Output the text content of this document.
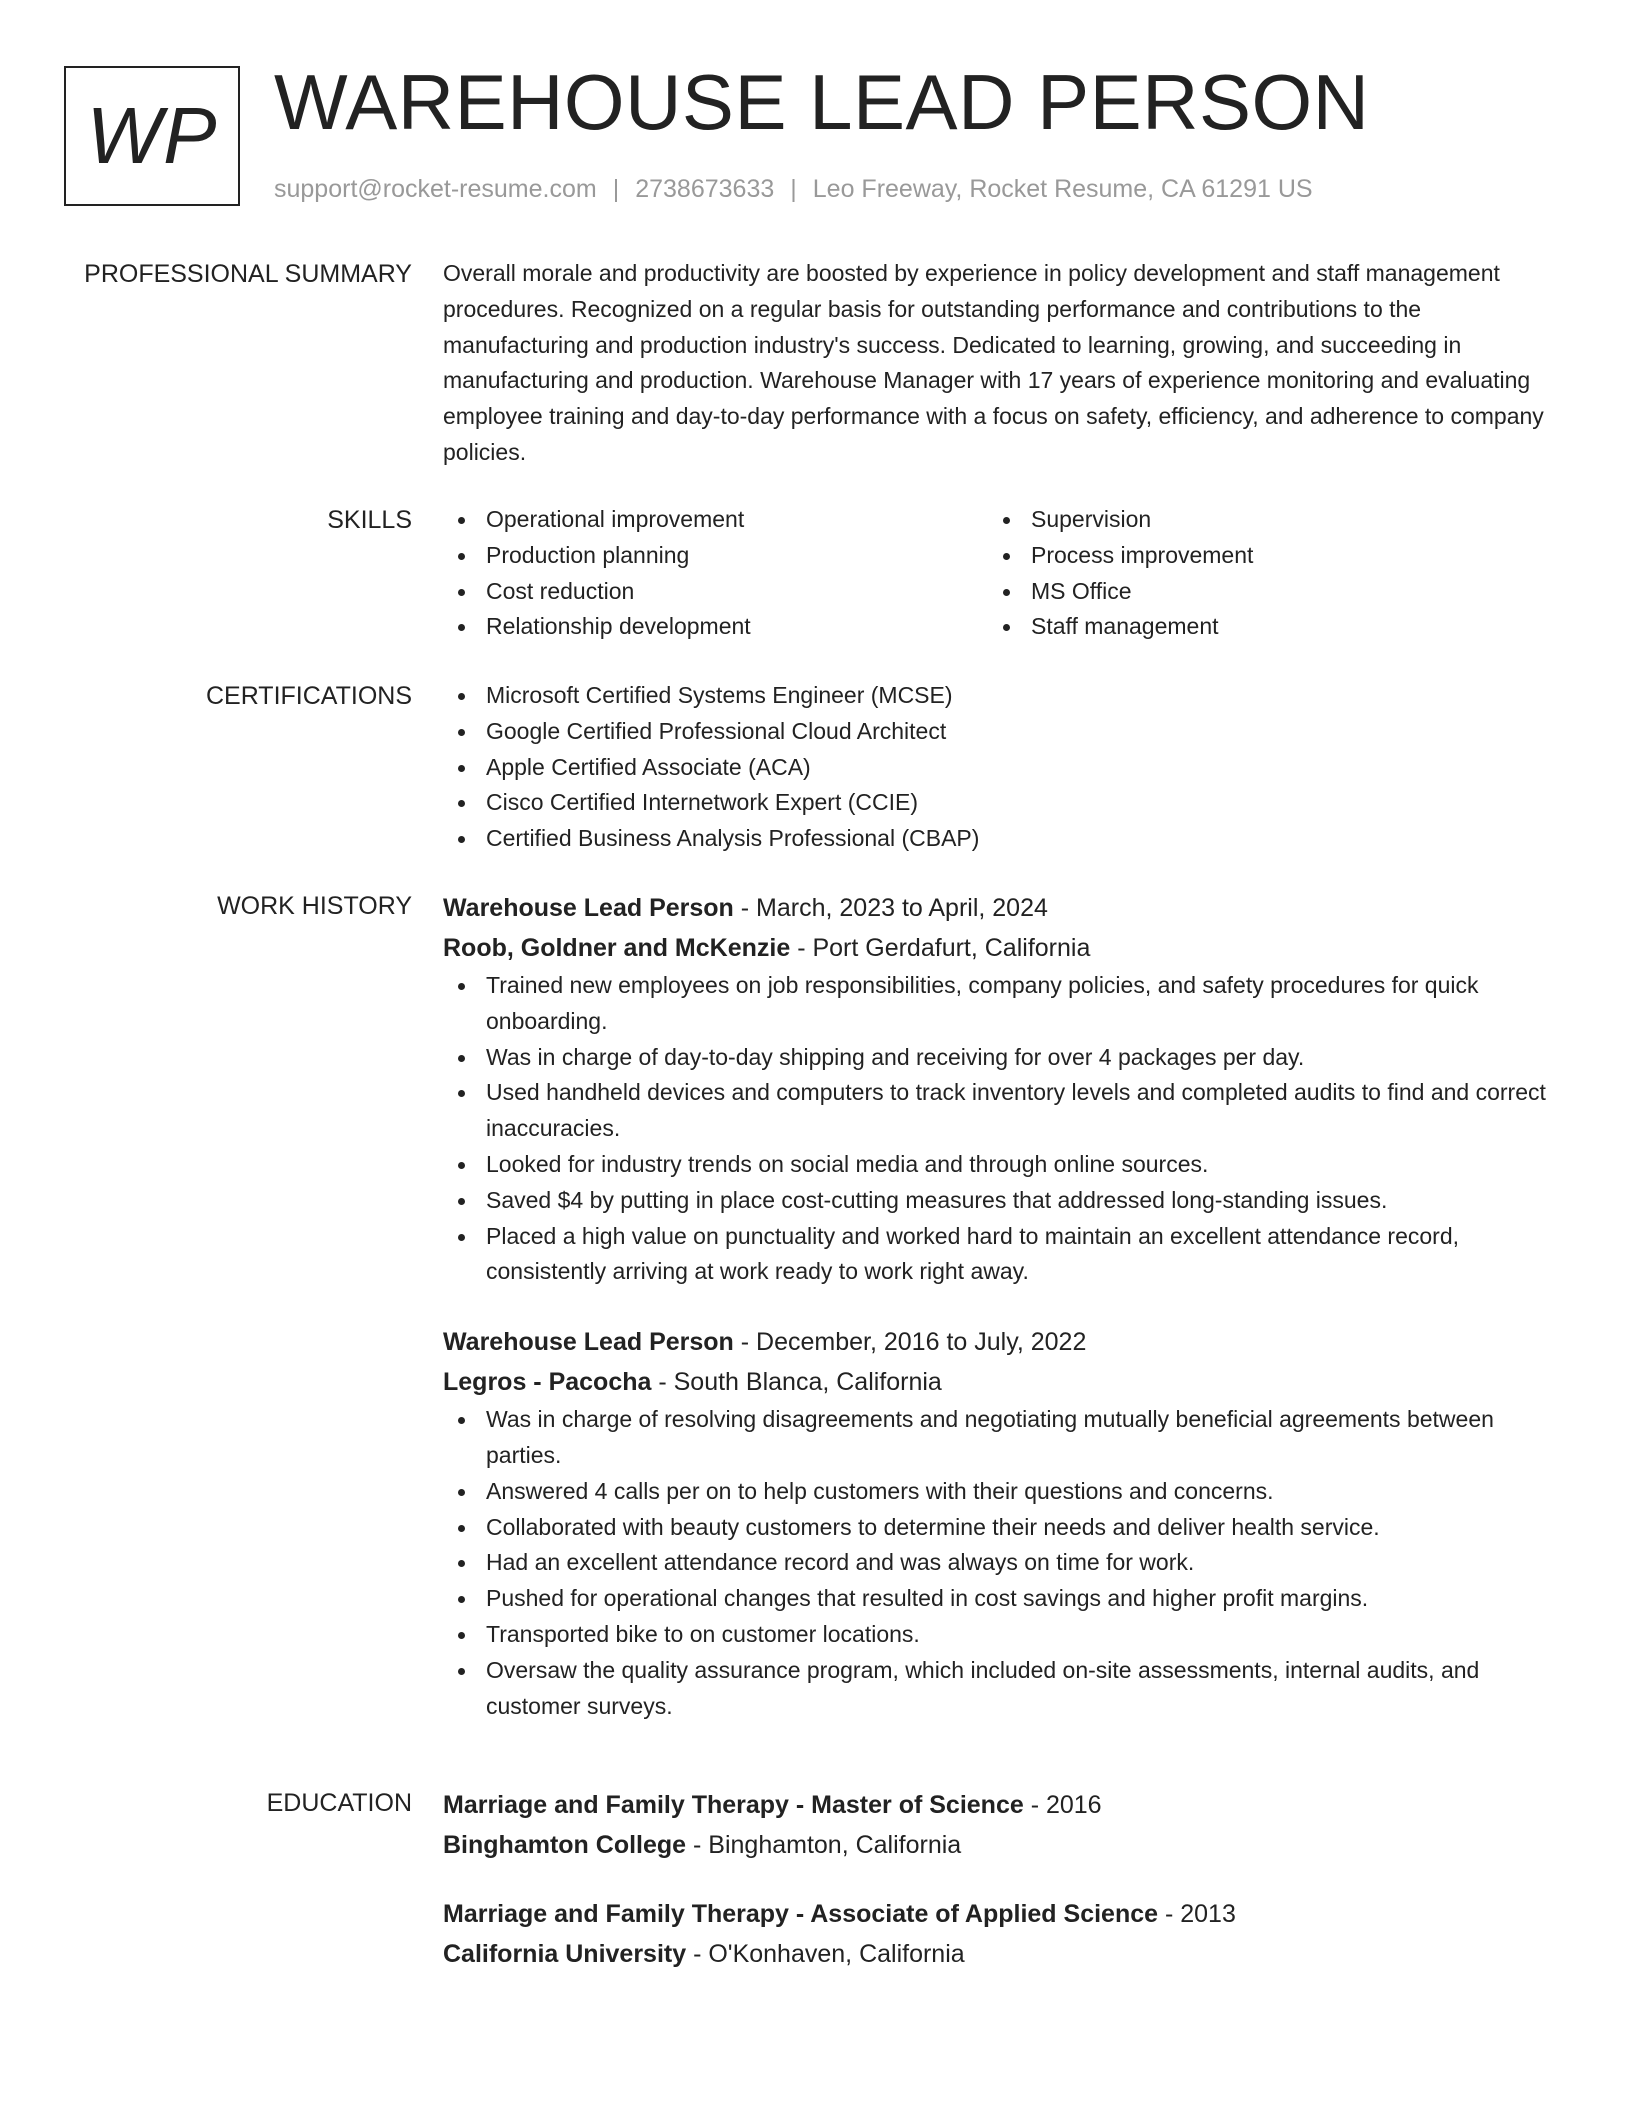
WP WAREHOUSE LEAD PERSON
support@rocket-resume.com | 2738673633 | Leo Freeway, Rocket Resume, CA 61291 US
PROFESSIONAL SUMMARY Overall morale and productivity are boosted by experience in policy development and staff management procedures. Recognized on a regular basis for outstanding performance and contributions to the manufacturing and production industry's success. Dedicated to learning, growing, and succeeding in manufacturing and production. Warehouse Manager with 17 years of experience monitoring and evaluating employee training and day-to-day performance with a focus on safety, efficiency, and adherence to company policies.

SKILLS	Operational improvement
Production planning
Cost reduction
Relationship development
Supervision
Process improvement
MS Office
Staff management
CERTIFICATIONS	Microsoft Certified Systems Engineer (MCSE)
Google Certified Professional Cloud Architect
Apple Certified Associate (ACA)
Cisco Certified Internetwork Expert (CCIE)
Certified Business Analysis Professional (CBAP)
WORK HISTORY Warehouse Lead Person - March, 2023 to April, 2024
Roob, Goldner and McKenzie - Port Gerdafurt, California
Trained new employees on job responsibilities, company policies, and safety procedures for quick onboarding.
Was in charge of day-to-day shipping and receiving for over 4 packages per day.
Used handheld devices and computers to track inventory levels and completed audits to find and correct inaccuracies.
Looked for industry trends on social media and through online sources.
Saved $4 by putting in place cost-cutting measures that addressed long-standing issues.
Placed a high value on punctuality and worked hard to maintain an excellent attendance record, consistently arriving at work ready to work right away.
Warehouse Lead Person - December, 2016 to July, 2022
Legros - Pacocha - South Blanca, California
Was in charge of resolving disagreements and negotiating mutually beneficial agreements between parties.
Answered 4 calls per on to help customers with their questions and concerns.
Collaborated with beauty customers to determine their needs and deliver health service.
Had an excellent attendance record and was always on time for work.
Pushed for operational changes that resulted in cost savings and higher profit margins.
Transported bike to on customer locations.
Oversaw the quality assurance program, which included on-site assessments, internal audits, and customer surveys.
EDUCATION Marriage and Family Therapy - Master of Science - 2016
Binghamton College - Binghamton, California
Marriage and Family Therapy - Associate of Applied Science - 2013
California University - O'Konhaven, California
